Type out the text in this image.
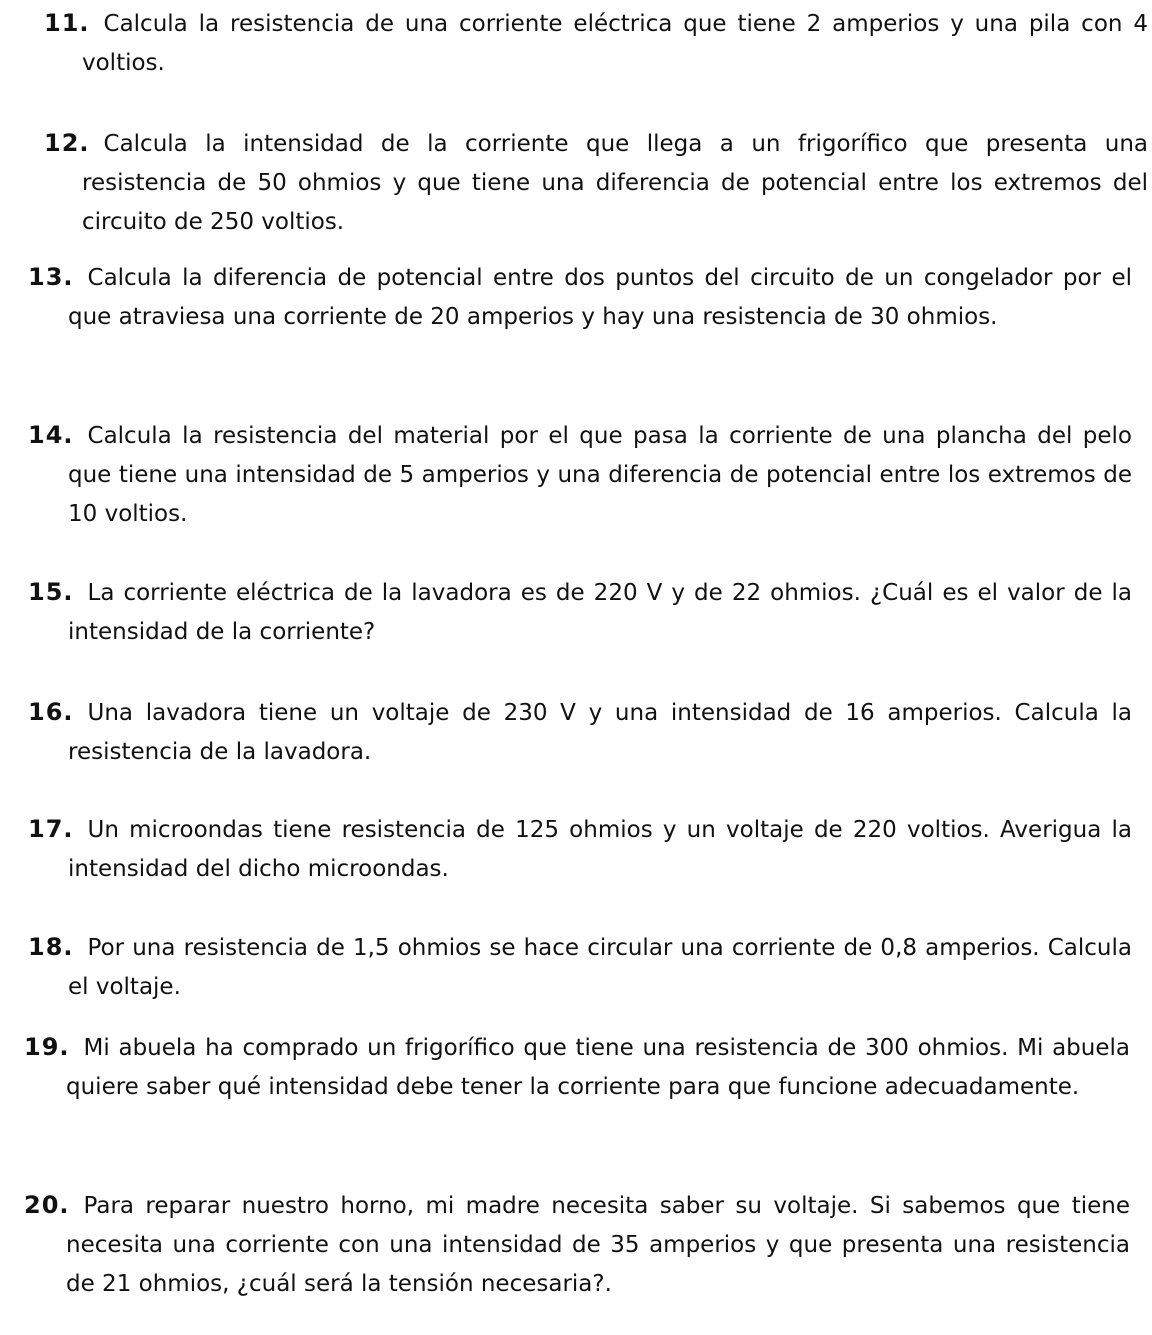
11. Calcula la resistencia de una corriente eléctrica que tiene 2 amperios y una pila con 4 voltios.
12. Calcula la intensidad de la corriente que llega a un frigorífico que presenta una resistencia de 50 ohmios y que tiene una diferencia de potencial entre los extremos del circuito de 250 voltios.
13. Calcula la diferencia de potencial entre dos puntos del circuito de un congelador por el que atraviesa una corriente de 20 amperios y hay una resistencia de 30 ohmios.
14. Calcula la resistencia del material por el que pasa la corriente de una plancha del pelo que tiene una intensidad de 5 amperios y una diferencia de potencial entre los extremos de 10 voltios.
15. La corriente eléctrica de la lavadora es de 220 V y de 22 ohmios. ¿Cuál es el valor de la intensidad de la corriente?
16. Una lavadora tiene un voltaje de 230 V y una intensidad de 16 amperios. Calcula la resistencia de la lavadora.
17. Un microondas tiene resistencia de 125 ohmios y un voltaje de 220 voltios. Averigua la intensidad del dicho microondas.
18. Por una resistencia de 1,5 ohmios se hace circular una corriente de 0,8 amperios. Calcula el voltaje.
19. Mi abuela ha comprado un frigorífico que tiene una resistencia de 300 ohmios. Mi abuela quiere saber qué intensidad debe tener la corriente para que funcione adecuadamente.
20. Para reparar nuestro horno, mi madre necesita saber su voltaje. Si sabemos que tiene necesita una corriente con una intensidad de 35 amperios y que presenta una resistencia de 21 ohmios, ¿cuál será la tensión necesaria?.
